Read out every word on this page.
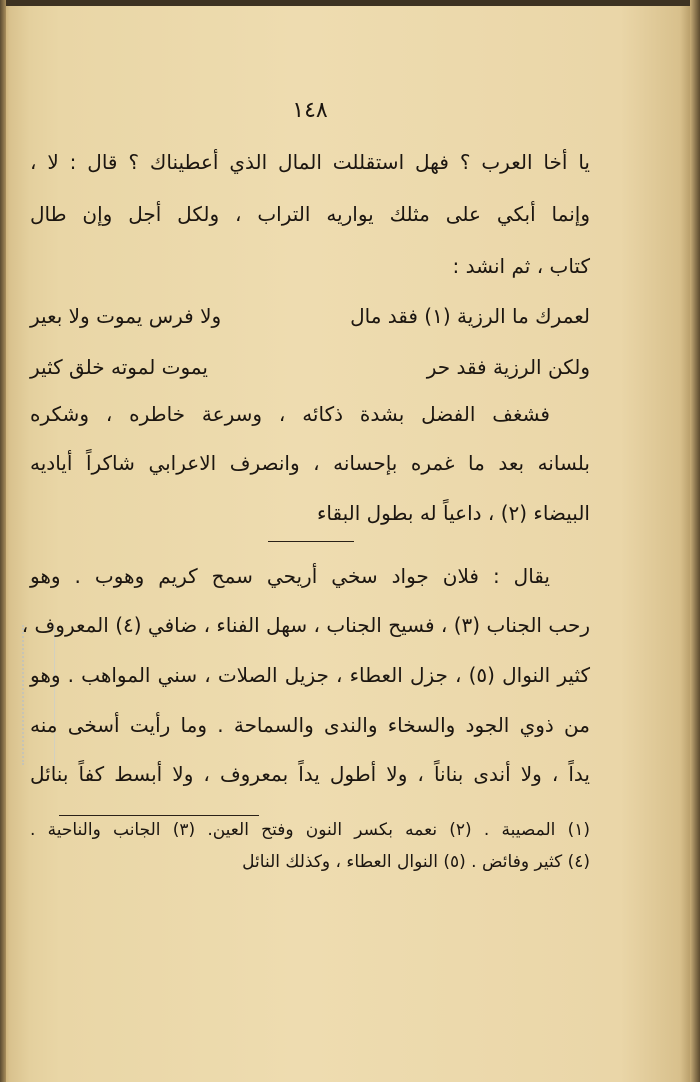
١٤٨
يا أخا العرب ؟ فهل استقللت المال الذي أعطيناك ؟ قال : لا ،
وإنما أبكي على مثلك يواريه التراب ، ولكل أجل وإن طال
كتاب ، ثم انشد :
لعمرك ما الرزية (١) فقد مال
ولا فرس يموت ولا بعير
ولكن الرزية فقد حر
يموت لموته خلق كثير
فشغف الفضل بشدة ذكائه ، وسرعة خاطره ، وشكره
بلسانه بعد ما غمره بإحسانه ، وانصرف الاعرابي شاكراً أياديه
البيضاء (٢) ، داعياً له بطول البقاء
يقال : فلان جواد سخي أريحي سمح كريم وهوب . وهو
رحب الجناب (٣) ، فسيح الجناب ، سهل الفناء ، ضافي (٤) المعروف ،
كثير النوال (٥) ، جزل العطاء ، جزيل الصلات ، سني المواهب . وهو
من ذوي الجود والسخاء والندى والسماحة . وما رأيت أسخى منه
يداً ، ولا أندى بناناً ، ولا أطول يداً بمعروف ، ولا أبسط كفاً بنائل
(١) المصيبة . (٢) نعمه بكسر النون وفتح العين. (٣) الجانب والناحية .
(٤) كثير وفائض . (٥) النوال العطاء ، وكذلك النائل
